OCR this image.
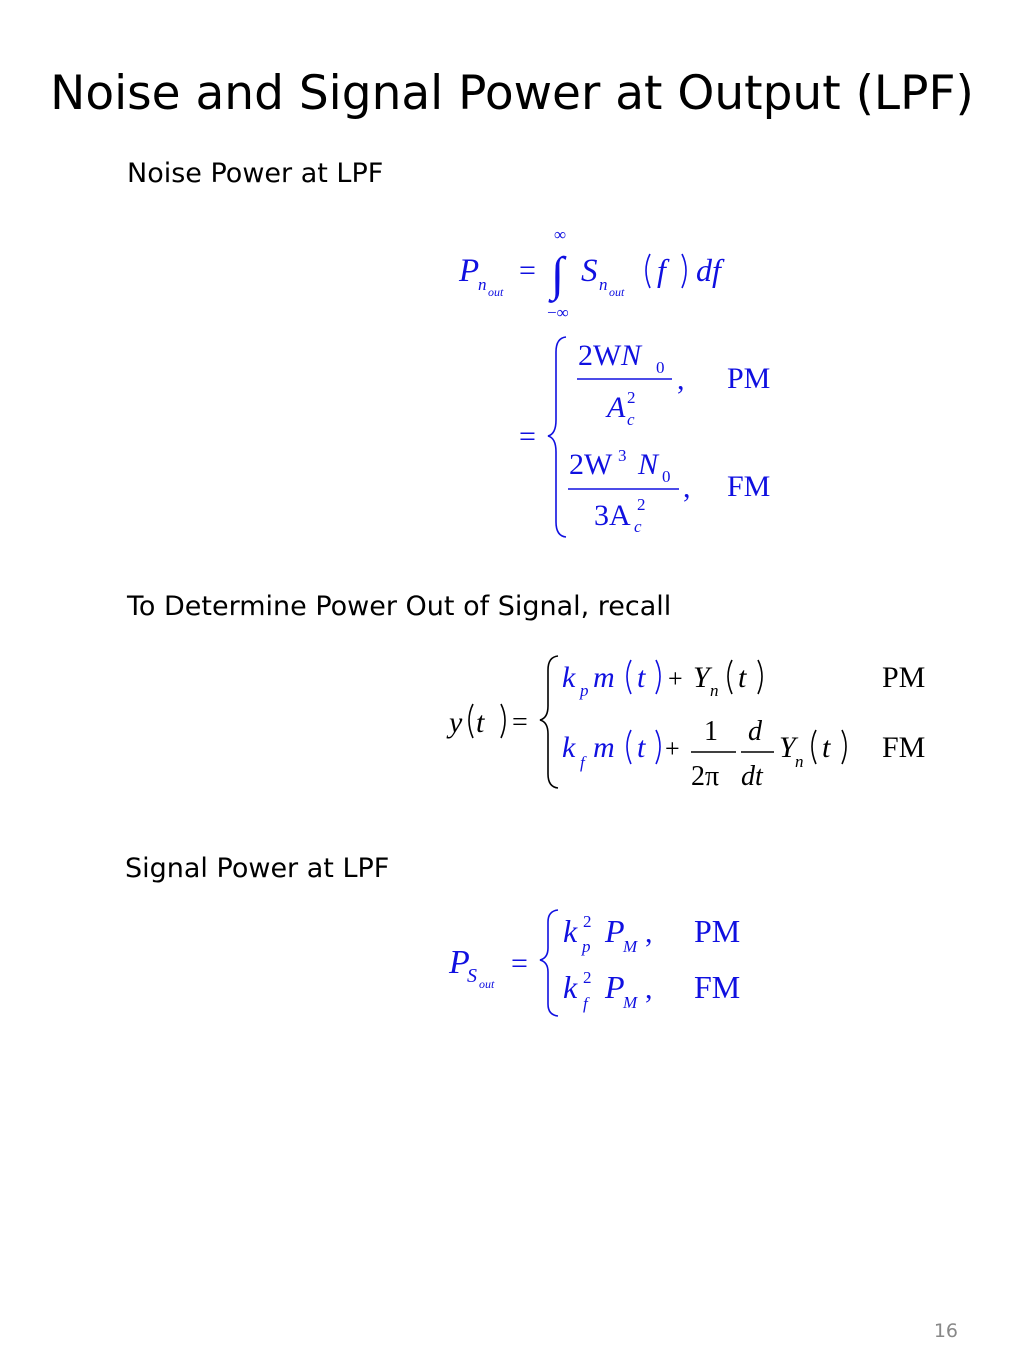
Noise and Signal Power at Output (LPF)
Noise Power at LPF
P
n out
=
∞
∫
−∞
S n out
f df
=
2W N 0
A 2
c
, PM
2W 3 N 0
3A 2
c
, FM
To Determine Power Out of Signal, recall
y t =
PM
FM
k p m t + Y n t
k f m t +
1
2π
d
dt
Y n t
Signal Power at LPF
P
S out
=
k 2
p P
M , PM
k 2
f P
M , FM
16
